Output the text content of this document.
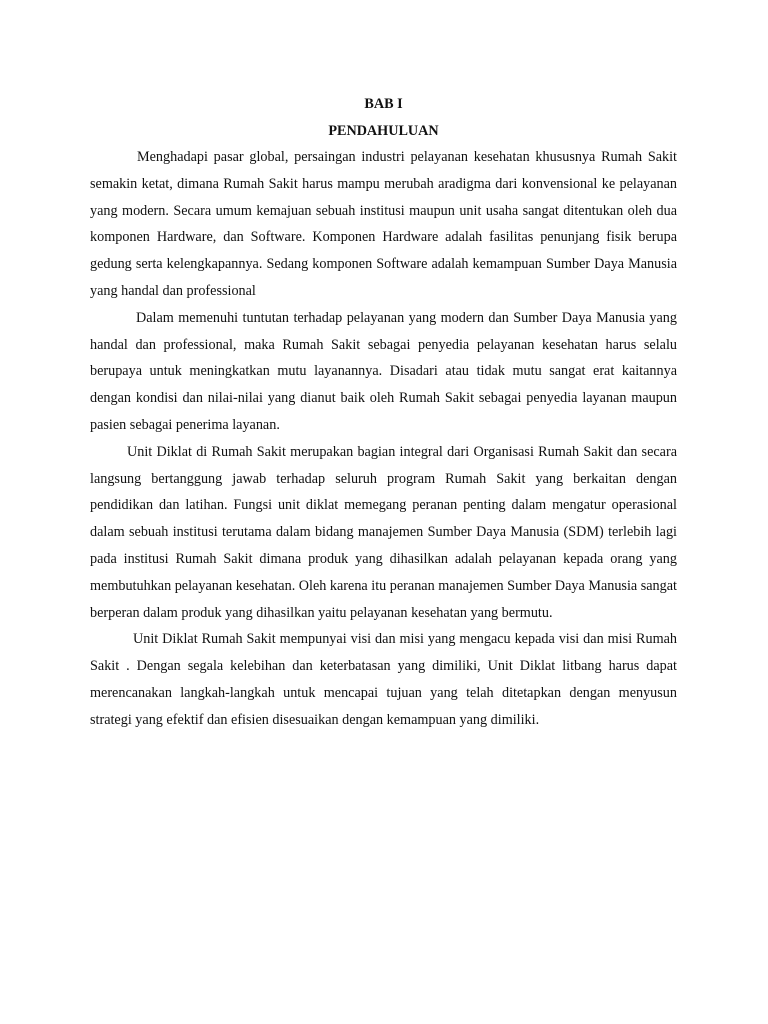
BAB I

PENDAHULUAN

Menghadapi pasar global, persaingan industri pelayanan kesehatan khususnya Rumah Sakit semakin ketat, dimana Rumah Sakit harus mampu merubah aradigma dari konvensional ke pelayanan yang modern. Secara umum kemajuan sebuah institusi maupun unit usaha sangat ditentukan oleh dua komponen Hardware, dan Software. Komponen Hardware adalah fasilitas penunjang fisik berupa gedung serta kelengkapannya. Sedang komponen Software adalah kemampuan Sumber Daya Manusia yang handal dan professional

Dalam memenuhi tuntutan terhadap pelayanan yang modern dan Sumber Daya Manusia yang handal dan professional, maka Rumah Sakit sebagai penyedia pelayanan kesehatan harus selalu berupaya untuk meningkatkan mutu layanannya. Disadari atau tidak mutu sangat erat kaitannya dengan kondisi dan nilai-nilai yang dianut baik oleh Rumah Sakit sebagai penyedia layanan maupun pasien sebagai penerima layanan.

Unit Diklat di Rumah Sakit merupakan bagian integral dari Organisasi Rumah Sakit dan secara langsung bertanggung jawab terhadap seluruh program Rumah Sakit yang berkaitan dengan pendidikan dan latihan. Fungsi unit diklat memegang peranan penting dalam mengatur operasional dalam sebuah institusi terutama dalam bidang manajemen Sumber Daya Manusia (SDM) terlebih lagi pada institusi Rumah Sakit dimana produk yang dihasilkan adalah pelayanan kepada orang yang membutuhkan pelayanan kesehatan. Oleh karena itu peranan manajemen Sumber Daya Manusia sangat berperan dalam produk yang dihasilkan yaitu pelayanan kesehatan yang bermutu.

Unit Diklat Rumah Sakit mempunyai visi dan misi yang mengacu kepada visi dan misi Rumah Sakit . Dengan segala kelebihan dan keterbatasan yang dimiliki, Unit Diklat litbang harus dapat merencanakan langkah-langkah untuk mencapai tujuan yang telah ditetapkan dengan menyusun strategi yang efektif dan efisien disesuaikan dengan kemampuan yang dimiliki.
